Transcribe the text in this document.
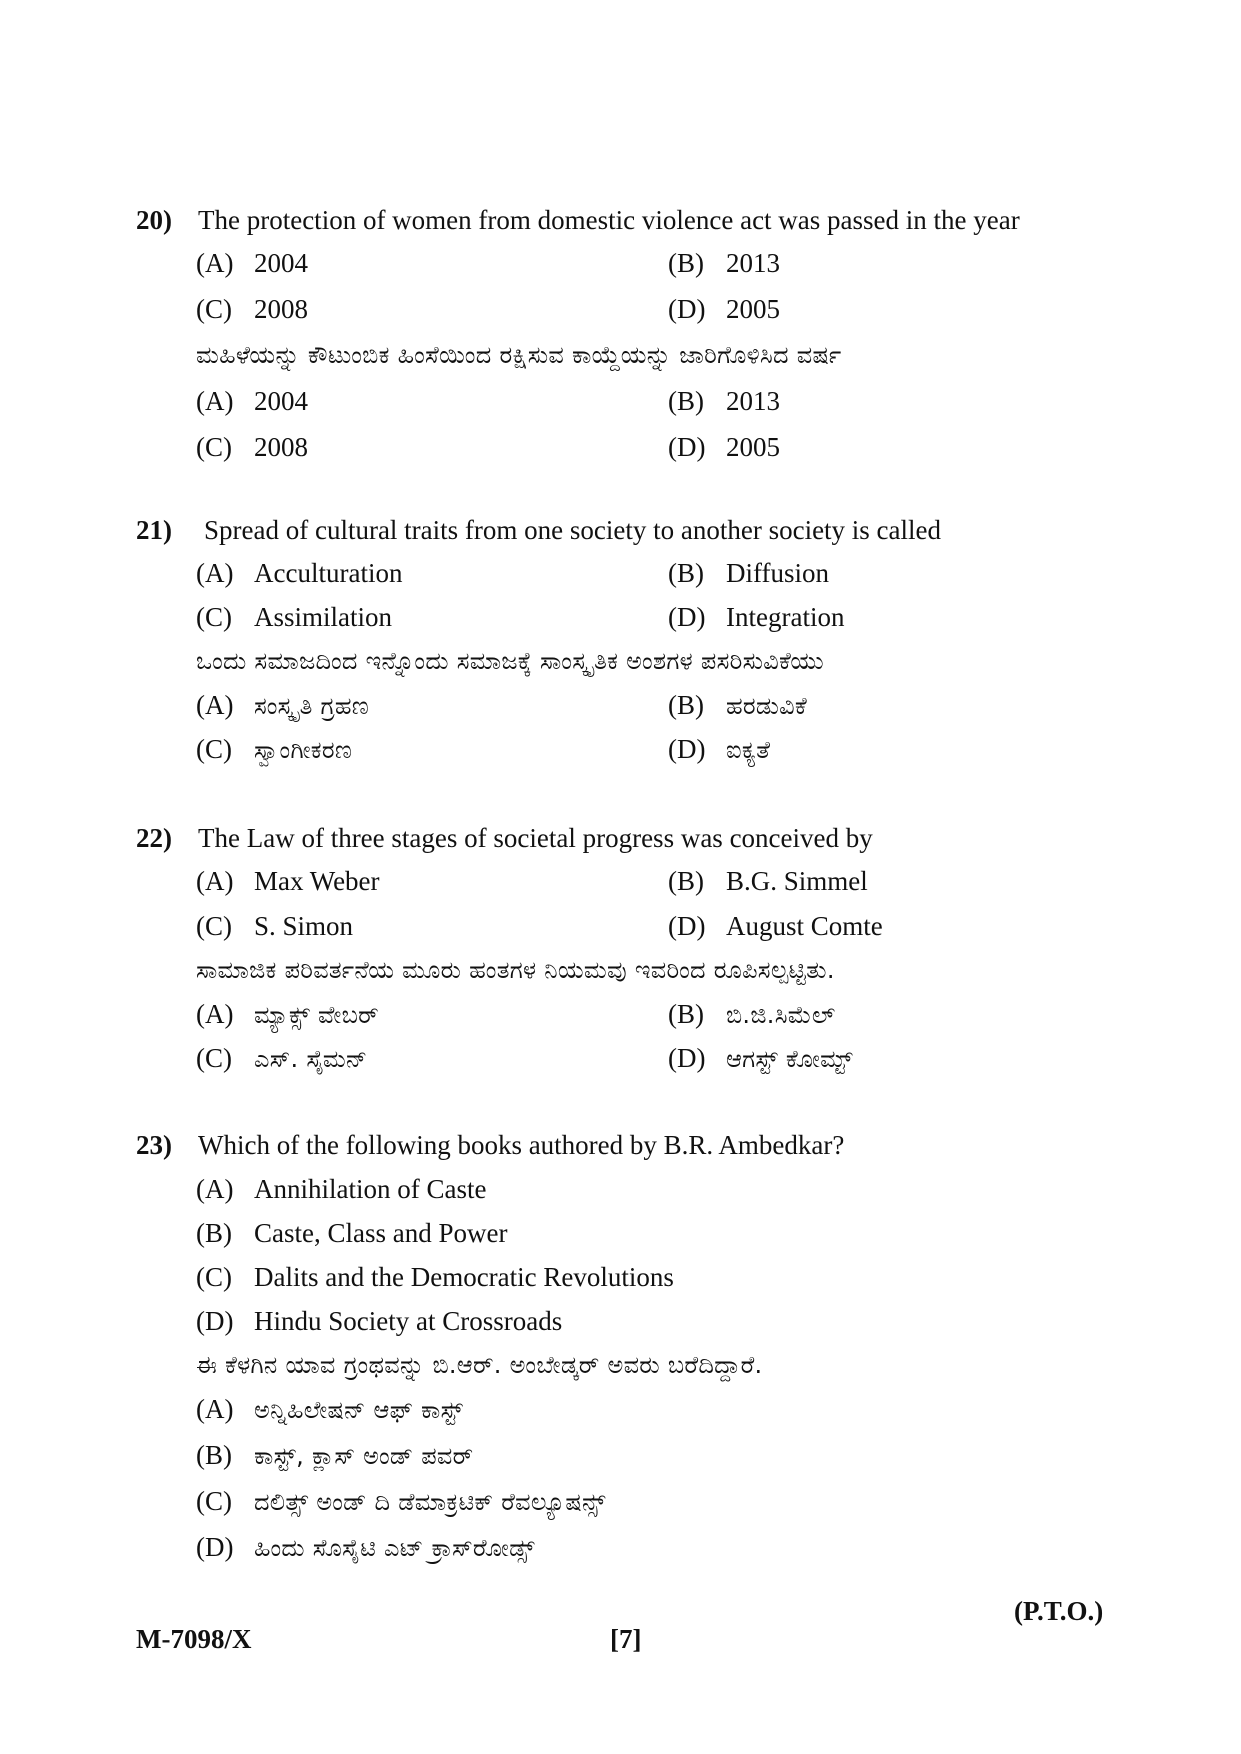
20) The protection of women from domestic violence act was passed in the year
(A) 2004	(B) 2013
(C) 2008	(D) 2005
ಮಹಿಳೆಯನ್ನು ಕೌಟುಂಬಿಕ ಹಿಂಸೆಯಿಂದ ರಕ್ಷಿಸುವ ಕಾಯ್ದೆಯನ್ನು ಜಾರಿಗೊಳಿಸಿದ ವರ್ಷ
(A) 2004	(B) 2013
(C) 2008	(D) 2005
21) Spread of cultural traits from one society to another society is called
(A) Acculturation	(B) Diffusion
(C) Assimilation	(D) Integration
ಒಂದು ಸಮಾಜದಿಂದ ಇನ್ನೊಂದು ಸಮಾಜಕ್ಕೆ ಸಾಂಸ್ಕೃತಿಕ ಅಂಶಗಳ ಪಸರಿಸುವಿಕೆಯು
(A) ಸಂಸ್ಕೃತಿ ಗ್ರಹಣ	(B) ಹರಡುವಿಕೆ
(C) ಸ್ವಾಂಗೀಕರಣ	(D) ಐಕ್ಯತೆ
22) The Law of three stages of societal progress was conceived by
(A) Max Weber	(B) B.G. Simmel
(C) S. Simon	(D) August Comte
ಸಾಮಾಜಿಕ ಪರಿವರ್ತನೆಯ ಮೂರು ಹಂತಗಳ ನಿಯಮವು ಇವರಿಂದ ರೂಪಿಸಲ್ಪಟ್ಟಿತು.
(A) ಮ್ಯಾಕ್ಸ್ ವೇಬರ್	(B) ಬಿ.ಜಿ.ಸಿಮೆಲ್
(C) ಎಸ್. ಸೈಮನ್	(D) ಆಗಸ್ಟ್ ಕೋಮ್ಟ್
23) Which of the following books authored by B.R. Ambedkar?
(A) Annihilation of Caste
(B) Caste, Class and Power
(C) Dalits and the Democratic Revolutions
(D) Hindu Society at Crossroads
ಈ ಕೆಳಗಿನ ಯಾವ ಗ್ರಂಥವನ್ನು ಬಿ.ಆರ್. ಅಂಬೇಡ್ಕರ್ ಅವರು ಬರೆದಿದ್ದಾರೆ.
(A) ಅನ್ನಿಹಿಲೇಷನ್ ಆಫ್ ಕಾಸ್ಟ್
(B) ಕಾಸ್ಟ್, ಕ್ಲಾಸ್ ಅಂಡ್ ಪವರ್
(C) ದಲಿತ್ಸ್ ಅಂಡ್ ದಿ ಡೆಮಾಕ್ರಟಿಕ್ ರೆವಲ್ಯೂಷನ್ಸ್
(D) ಹಿಂದು ಸೊಸೈಟಿ ಎಟ್ ಕ್ರಾಸ್‌ರೋಡ್ಸ್
(P.T.O.)
M-7098/X	[7]
